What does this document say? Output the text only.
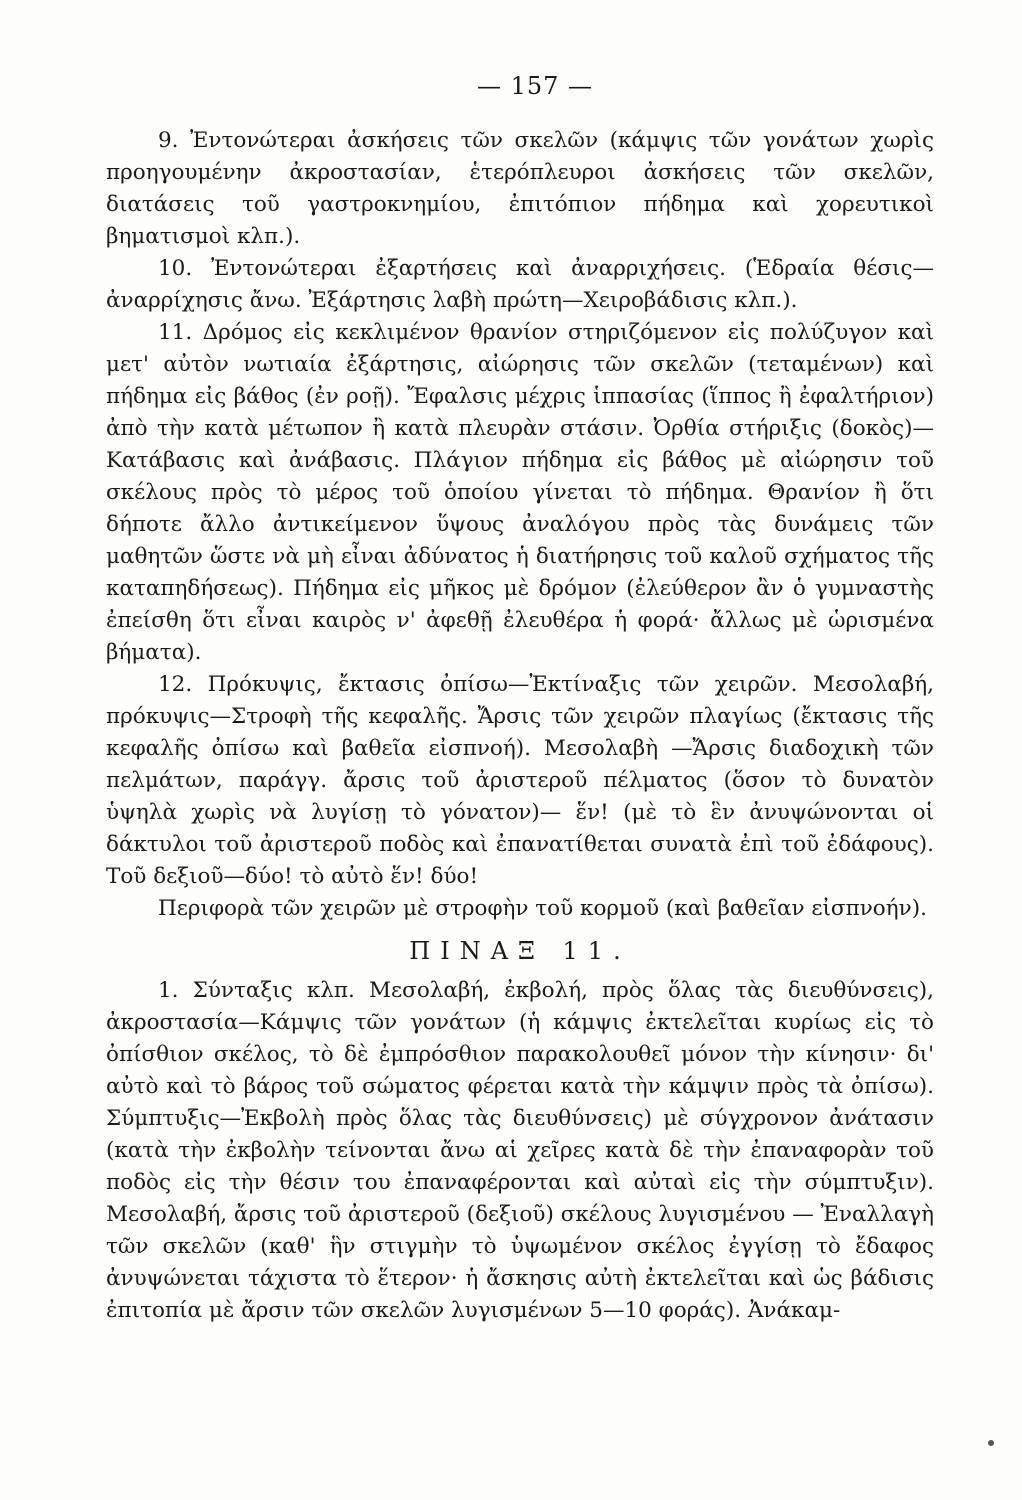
— 157 —

9. Ἐντονώτεραι ἀσκήσεις τῶν σκελῶν (κάμψις τῶν γονάτων χωρὶς προηγουμένην ἀκροστασίαν, ἑτερόπλευροι ἀσκήσεις τῶν σκελῶν, διατάσεις τοῦ γαστροκνημίου, ἐπιτόπιον πήδημα καὶ χορευτικοὶ βηματισμοὶ κλπ.).

10. Ἐντονώτεραι ἐξαρτήσεις καὶ ἀναρριχήσεις. (Ἑδραία θέσις—ἀναρρίχησις ἄνω. Ἐξάρτησις λαβὴ πρώτη—Χειροβάδισις κλπ.).

11. Δρόμος εἰς κεκλιμένον θρανίον στηριζόμενον εἰς πολύζυγον καὶ μετ' αὐτὸν νωτιαία ἐξάρτησις, αἰώρησις τῶν σκελῶν (τεταμένων) καὶ πήδημα εἰς βάθος (ἐν ροῇ). Ἔφαλσις μέχρις ἱππασίας (ἵππος ἢ ἐφαλτήριον) ἀπὸ τὴν κατὰ μέτωπον ἢ κατὰ πλευρὰν στάσιν. Ὀρθία στήριξις (δοκὸς)—Κατάβασις καὶ ἀνάβασις. Πλάγιον πήδημα εἰς βάθος μὲ αἰώρησιν τοῦ σκέλους πρὸς τὸ μέρος τοῦ ὁποίου γίνεται τὸ πήδημα. Θρανίον ἢ ὅτι δήποτε ἄλλο ἀντικείμενον ὕψους ἀναλόγου πρὸς τὰς δυνάμεις τῶν μαθητῶν ὥστε νὰ μὴ εἶναι ἀδύνατος ἡ διατήρησις τοῦ καλοῦ σχήματος τῆς καταπηδήσεως). Πήδημα εἰς μῆκος μὲ δρόμον (ἐλεύθερον ἂν ὁ γυμναστὴς ἐπείσθη ὅτι εἶναι καιρὸς ν' ἀφεθῇ ἐλευθέρα ἡ φορά· ἄλλως μὲ ὡρισμένα βήματα).

12. Πρόκυψις, ἔκτασις ὀπίσω—Ἐκτίναξις τῶν χειρῶν. Μεσολαβή, πρόκυψις—Στροφὴ τῆς κεφαλῆς. Ἄρσις τῶν χειρῶν πλαγίως (ἔκτασις τῆς κεφαλῆς ὀπίσω καὶ βαθεῖα εἰσπνοή). Μεσολαβὴ —Ἄρσις διαδοχικὴ τῶν πελμάτων, παράγγ. ἄρσις τοῦ ἀριστεροῦ πέλματος (ὅσον τὸ δυνατὸν ὑψηλὰ χωρὶς νὰ λυγίσῃ τὸ γόνατον)— ἕν! (μὲ τὸ ἓν ἀνυψώνονται οἱ δάκτυλοι τοῦ ἀριστεροῦ ποδὸς καὶ ἐπανατίθεται συνατὰ ἐπὶ τοῦ ἐδάφους). Τοῦ δεξιοῦ—δύο! τὸ αὐτὸ ἕν! δύο!

Περιφορὰ τῶν χειρῶν μὲ στροφὴν τοῦ κορμοῦ (καὶ βαθεῖαν εἰσπνοήν).

ΠΙΝΑΞ 11.

1. Σύνταξις κλπ. Μεσολαβή, ἐκβολή, πρὸς ὅλας τὰς διευθύνσεις), ἀκροστασία—Κάμψις τῶν γονάτων (ἡ κάμψις ἐκτελεῖται κυρίως εἰς τὸ ὀπίσθιον σκέλος, τὸ δὲ ἐμπρόσθιον παρακολουθεῖ μόνον τὴν κίνησιν· δι' αὐτὸ καὶ τὸ βάρος τοῦ σώματος φέρεται κατὰ τὴν κάμψιν πρὸς τὰ ὀπίσω). Σύμπτυξις—Ἐκβολὴ πρὸς ὅλας τὰς διευθύνσεις) μὲ σύγχρονον ἀνάτασιν (κατὰ τὴν ἐκβολὴν τείνονται ἄνω αἱ χεῖρες κατὰ δὲ τὴν ἐπαναφορὰν τοῦ ποδὸς εἰς τὴν θέσιν του ἐπαναφέρονται καὶ αὐταὶ εἰς τὴν σύμπτυξιν). Μεσολαβή, ἄρσις τοῦ ἀριστεροῦ (δεξιοῦ) σκέλους λυγισμένου — Ἐναλλαγὴ τῶν σκελῶν (καθ' ἣν στιγμὴν τὸ ὑψωμένον σκέλος ἐγγίσῃ τὸ ἔδαφος ἀνυψώνεται τάχιστα τὸ ἕτερον· ἡ ἄσκησις αὐτὴ ἐκτελεῖται καὶ ὡς βάδισις ἐπιτοπία μὲ ἄρσιν τῶν σκελῶν λυγισμένων 5—10 φοράς). Ἀνάκαμ-
